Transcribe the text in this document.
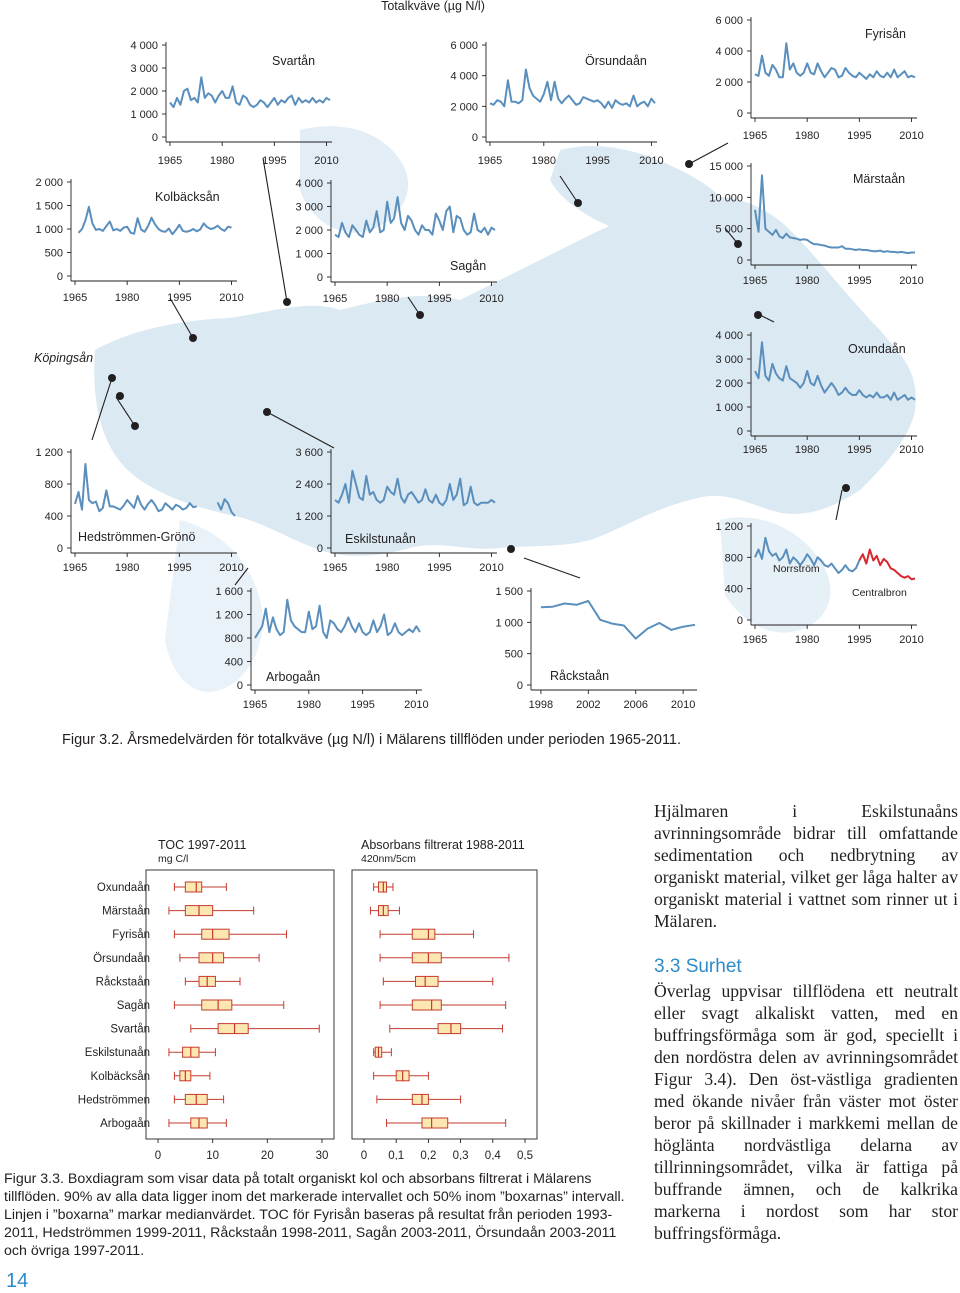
Totalkväve (µg N/l)
Köpingsån
0
1 000
2 000
3 000
4 000
1965	1980	1995	2010
Svartån
0
2 000
4 000
6 000
1965	1980	1995	2010
Örsundaån
0
2 000
4 000
6 000
1965	1980	1995	2010
Fyrisån
0
500
1 000
1 500
2 000
1965	1980	1995	2010
Kolbäcksån
0
1 000
2 000
3 000
4 000
1965	1980	1995	2010
Sagån	0
5 000
10 000
15 000
1965	1980	1995	2010
Märstaån
0
400
800
1 200
1965	1980	1995	2010
Hedströmmen-Grönö
0
1 200
2 400
3 600
1965	1980	1995	2010
Eskilstunaån
0
1 000
2 000
3 000
4 000
1965	1980	1995	2010
Oxundaån
0
400
800
1 200
1 600
1965	1980	1995	2010
Arbogaån
0
500
1 000
1 500
1998 2002 2006 2010
Råckstaån
0
400
800
1 200
1965	1980	1995	2010
Centralbron
Norrström
Figur 3.2. Årsmedelvärden för totalkväve (µg N/l) i Mälarens tillflöden under perioden 1965-2011.
TOC 1997-2011
mg C/l
Absorbans filtrerat 1988-2011
420nm/5cm
Oxundaån
Märstaån
Fyrisån
Örsundaån
Råckstaån
Sagån
Svartån
Eskilstunaån
Kolbäcksån
Hedströmmen
Arbogaån
0	10	20	30	0 0,1 0,2 0,3 0,4 0,5
Figur 3.3. Boxdiagram som visar data på totalt organiskt kol och absorbans filtrerat i Mälarens tillflöden. 90% av alla data ligger inom det markerade intervallet och 50% inom ”boxarnas” intervall. Linjen i ”boxarna” markar medianvärdet. TOC för Fyrisån baseras på resultat från perioden 1993-2011, Hedströmmen 1999-2011, Råckstaån 1998-2011, Sagån 2003-2011, Örsundaån 2003-2011 och övriga 1997-2011.

Hjälmaren i Eskilstunaåns avrinningsområde bidrar till omfattande sedimentation och nedbrytning av organiskt material, vilket ger låga halter av organiskt material i vattnet som rinner ut i Mälaren.

3.3 Surhet

Överlag uppvisar tillflödena ett neutralt eller svagt alkaliskt vatten, med en buffringsförmåga som är god, speciellt i den nordöstra delen av avrinningsområdet Figur 3.4). Den öst-västliga gradienten med ökande nivåer från väster mot öster beror på skillnader i markkemi mellan de höglänta nordvästliga delarna av tillrinningsområdet, vilka är fattiga på buffrande ämnen, och de kalkrika markerna i nordost som har stor buffringsförmåga.

14
